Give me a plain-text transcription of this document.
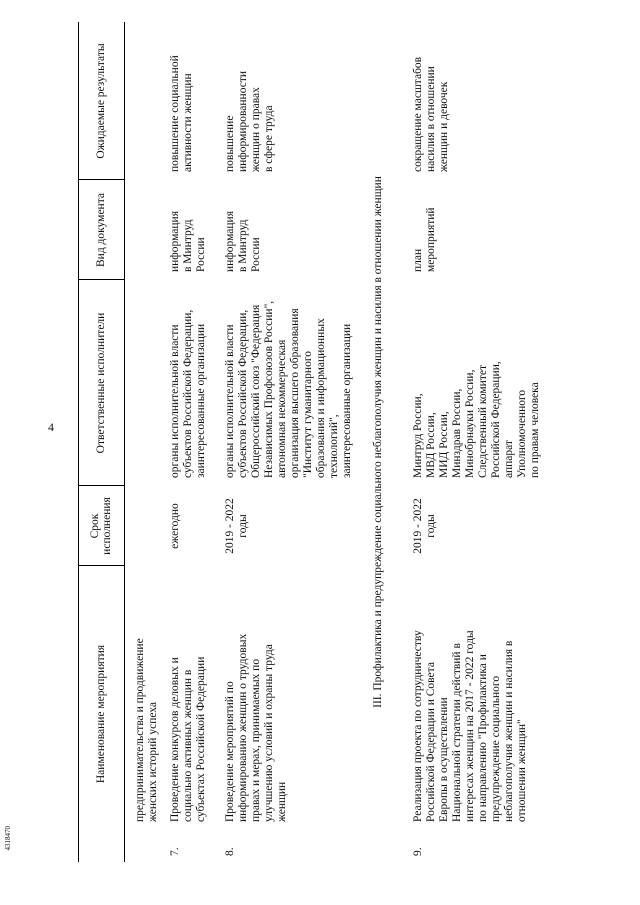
4
4318470
Наименование мероприятия
Срок
исполнения
Ответственные исполнители
Вид документа
Ожидаемые результаты
предпринимательства и продвижение
женских историй успеха
7.
Проведение конкурсов деловых и
социально активных женщин в
субъектах Российской Федерации
ежегодно
органы исполнительной власти
субъектов Российской Федерации,
заинтересованные организации
информация
в Минтруд
России
повышение социальной
активности женщин
8.
Проведение мероприятий по
информированию женщин о трудовых
правах и мерах, принимаемых по
улучшению условий и охраны труда
женщин
2019 - 2022
годы
органы исполнительной власти
субъектов Российской Федерации,
Общероссийский союз "Федерация
Независимых Профсоюзов России",
автономная некоммерческая
организация высшего образования
"Институт гуманитарного
образования и информационных
технологий",
заинтересованные организации
информация
в Минтруд
России
повышение
информированности
женщин о правах
в сфере труда
III. Профилактика и предупреждение социального неблагополучия женщин и насилия в отношении женщин
9.
Реализация проекта по сотрудничеству
Российской Федерации и Совета
Европы в осуществлении
Национальной стратегии действий в
интересах женщин на 2017 - 2022 годы
по направлению "Профилактика и
предупреждение социального
неблагополучия женщин и насилия в
отношении женщин"
2019 - 2022
годы
Минтруд России,
МВД России,
МИД России,
Минздрав России,
Минобрнауки России,
Следственный комитет
Российской Федерации,
аппарат
Уполномоченного
по правам человека
план
мероприятий
сокращение масштабов
насилия в отношении
женщин и девочек
